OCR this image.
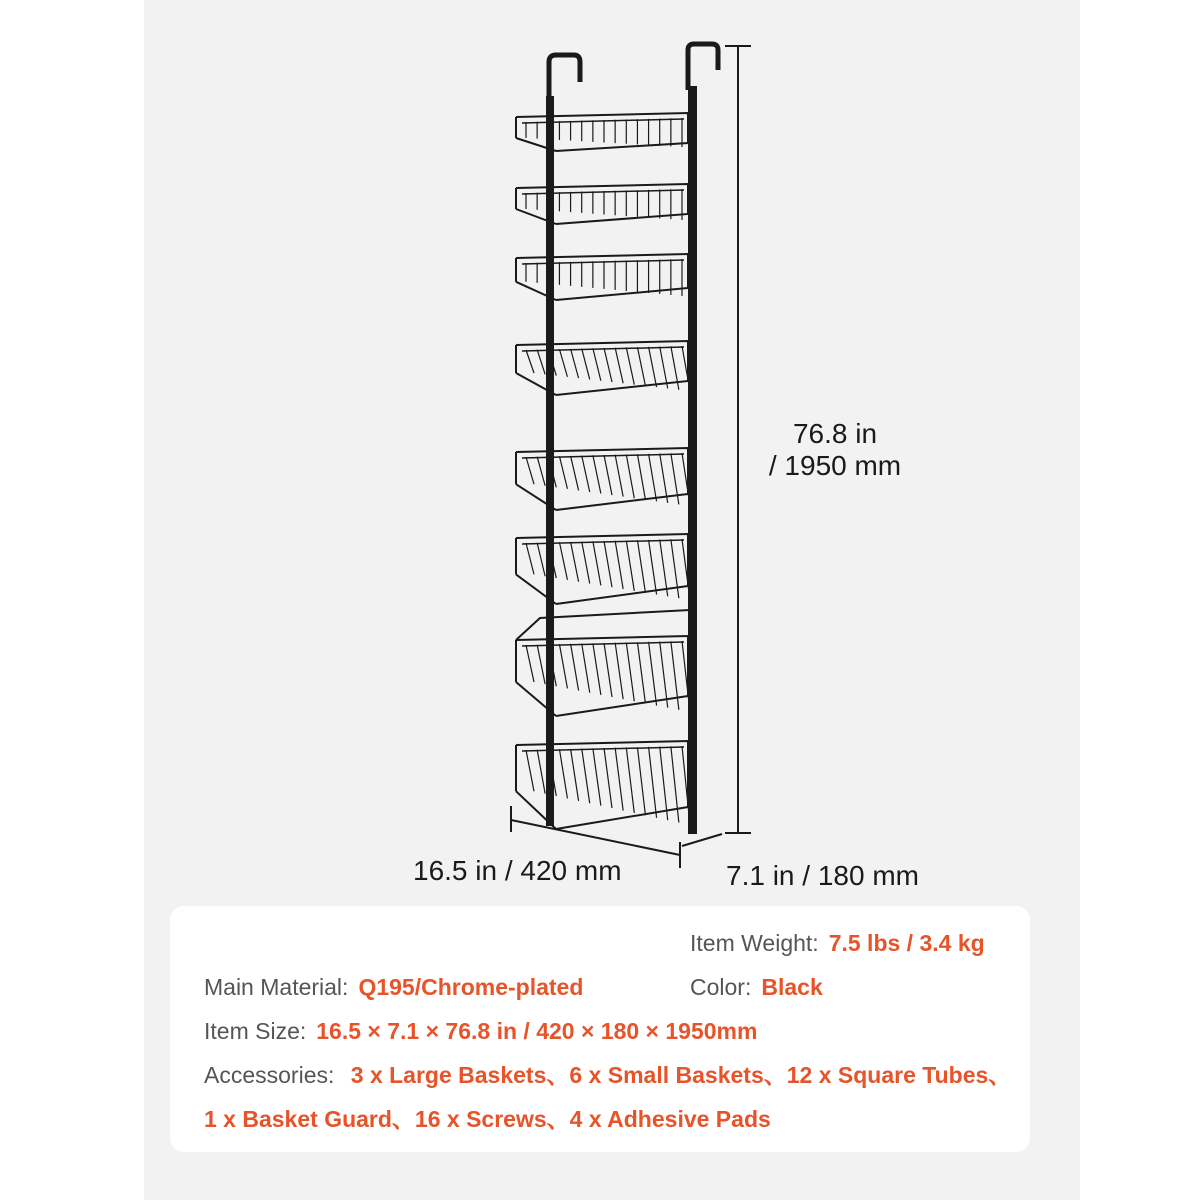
76.8 in
/ 1950 mm
16.5 in / 420 mm	7.1 in / 180 mm
Item Weight: 7.5 lbs / 3.4 kg
Main Material: Q195/Chrome-plated	Color: Black
Item Size: 16.5 × 7.1 × 76.8 in / 420 × 180 × 1950mm
Accessories: 3 x Large Baskets、6 x Small Baskets、12 x Square Tubes、
1 x Basket Guard、16 x Screws、4 x Adhesive Pads
